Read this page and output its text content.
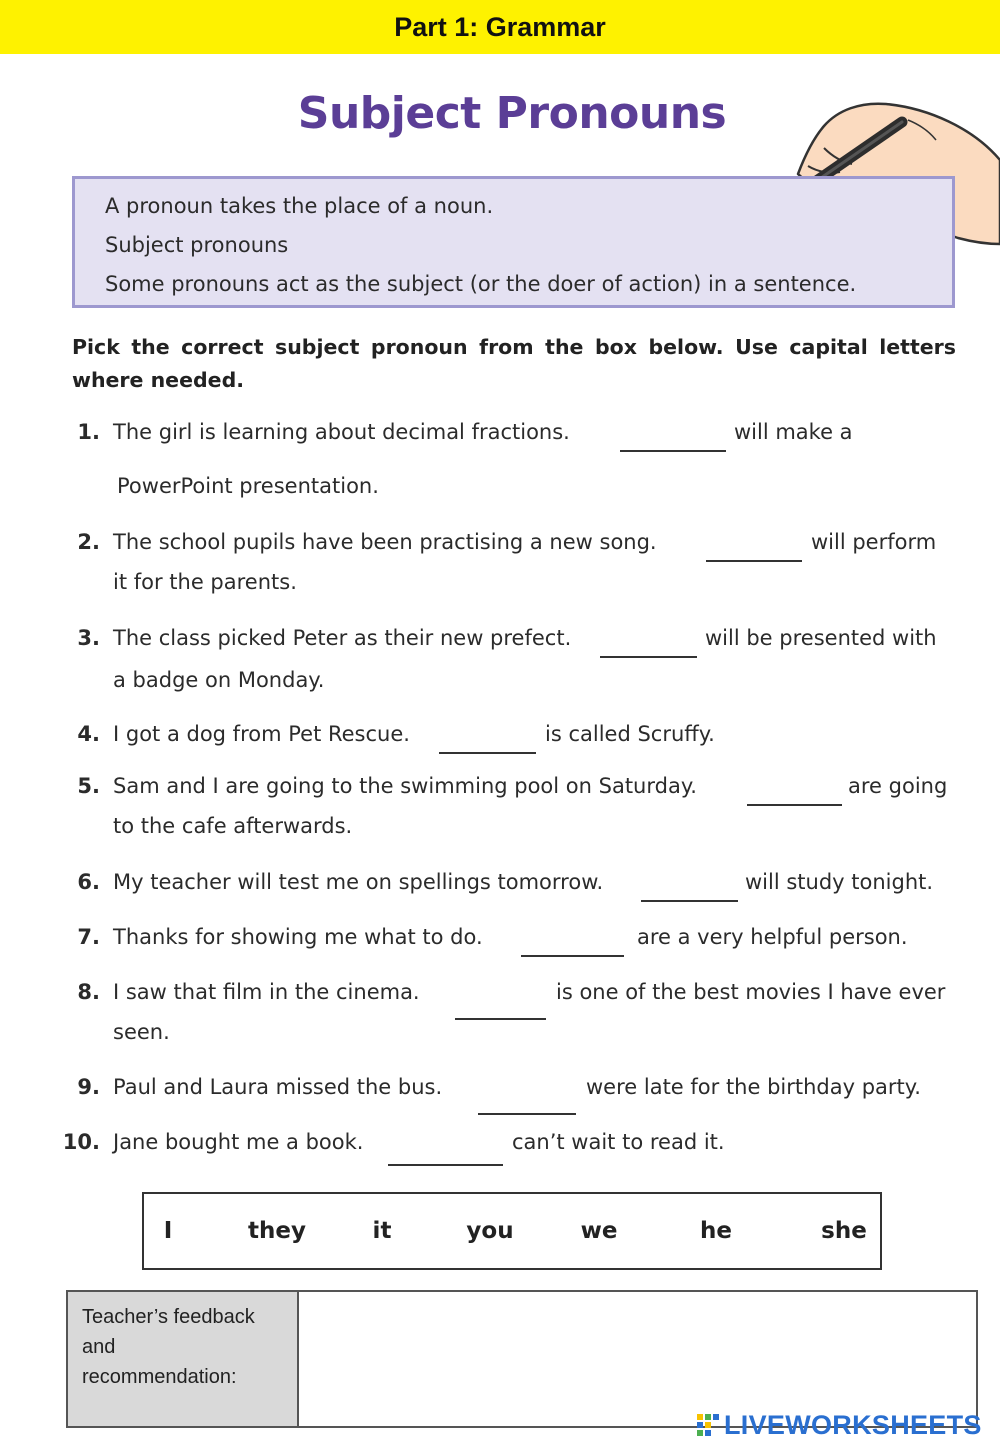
Part 1: Grammar
Subject Pronouns
A pronoun takes the place of a noun.
Subject pronouns
Some pronouns act as the subject (or the doer of action) in a sentence.
Pick the correct subject pronoun from the box below. Use capital letters where needed.
1. The girl is learning about decimal fractions.	will make a
PowerPoint presentation.
2. The school pupils have been practising a new song.	will perform
it for the parents.
3. The class picked Peter as their new prefect.	will be presented with
a badge on Monday.
4. I got a dog from Pet Rescue.	is called Scruffy.
5. Sam and I are going to the swimming pool on Saturday.	are going
to the cafe afterwards.
6. My teacher will test me on spellings tomorrow.	will study tonight.
7. Thanks for showing me what to do.	are a very helpful person.
8. I saw that film in the cinema.	is one of the best movies I have ever
seen.
9. Paul and Laura missed the bus.	were late for the birthday party.
10. Jane bought me a book.	can’t wait to read it.
I	they	it	you	we	he	she
Teacher’s feedback
and
recommendation:
LIVEWORKSHEETS
